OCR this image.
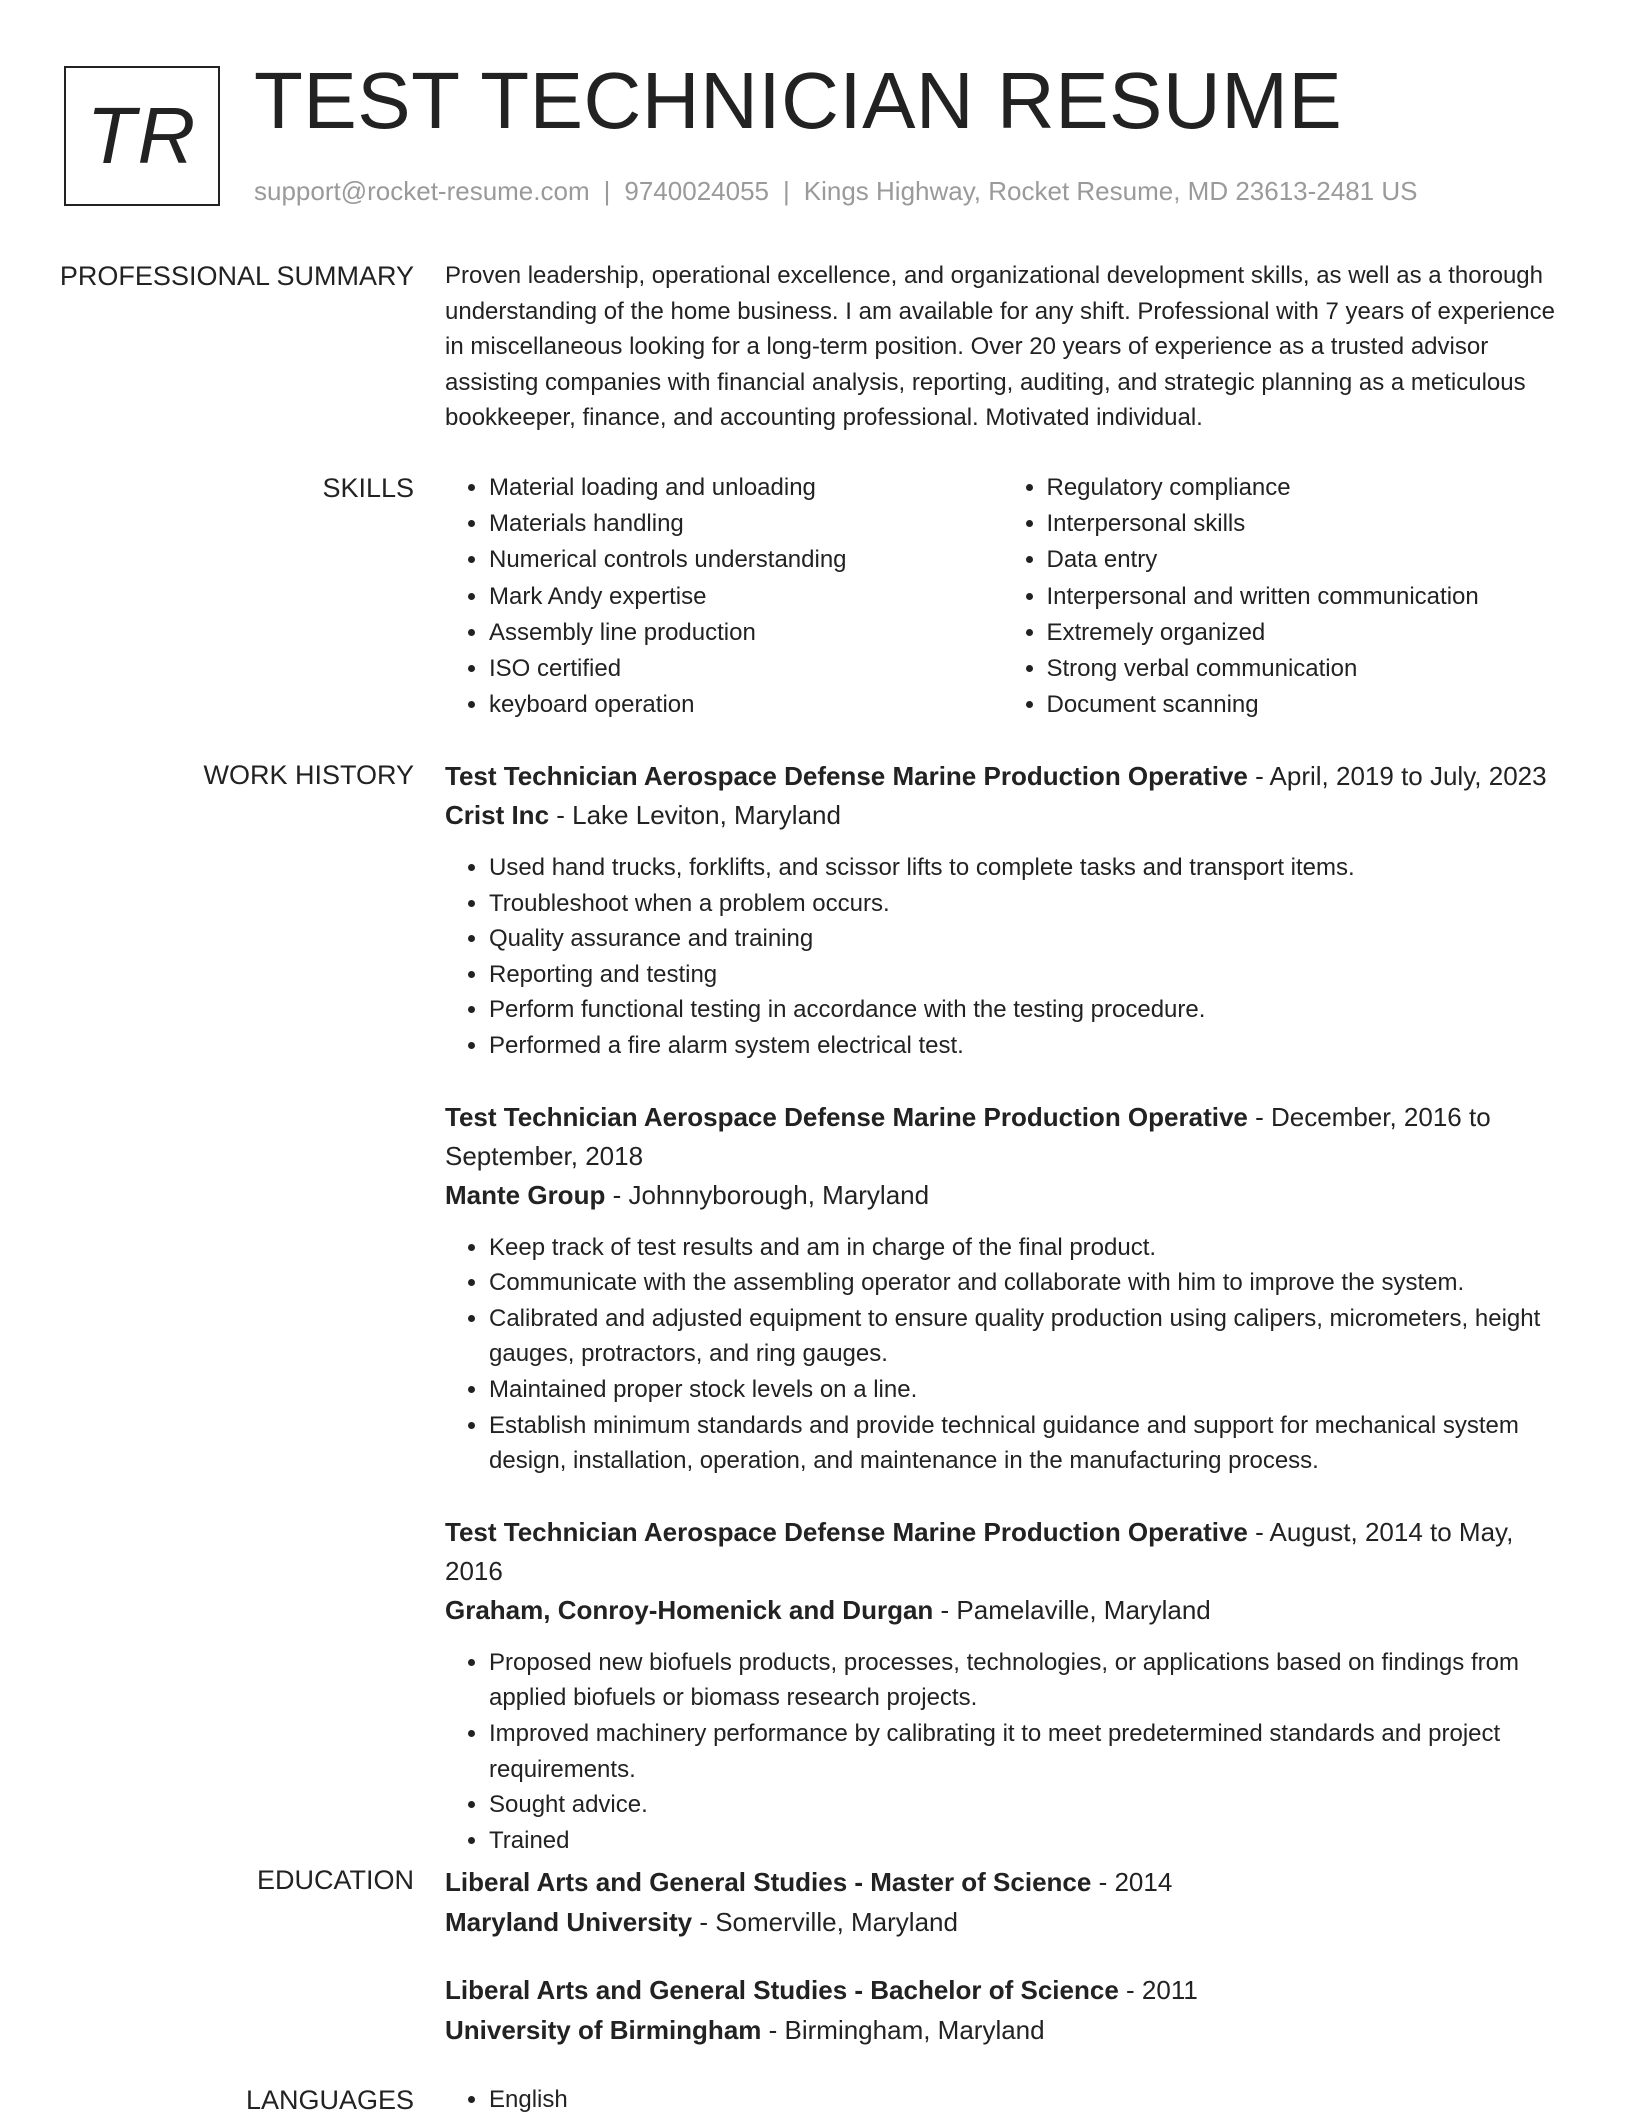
TR TEST TECHNICIAN RESUME
support@rocket-resume.com | 9740024055 | Kings Highway, Rocket Resume, MD 23613-2481 US
PROFESSIONAL SUMMARY Proven leadership, operational excellence, and organizational development skills, as well as a thorough understanding of the home business. I am available for any shift. Professional with 7 years of experience in miscellaneous looking for a long-term position. Over 20 years of experience as a trusted advisor assisting companies with financial analysis, reporting, auditing, and strategic planning as a meticulous bookkeeper, finance, and accounting professional. Motivated individual.

SKILLS	• Material loading and unloading
• Materials handling
• Numerical controls understanding
• Mark Andy expertise
• Assembly line production
• ISO certified
• keyboard operation
• Regulatory compliance
• Interpersonal skills
• Data entry
• Interpersonal and written communication
• Extremely organized
• Strong verbal communication
• Document scanning
WORK HISTORY Test Technician Aerospace Defense Marine Production Operative - April, 2019 to July, 2023
Crist Inc - Lake Leviton, Maryland
• Used hand trucks, forklifts, and scissor lifts to complete tasks and transport items.
• Troubleshoot when a problem occurs.
• Quality assurance and training
• Reporting and testing
• Perform functional testing in accordance with the testing procedure.
• Performed a fire alarm system electrical test.
Test Technician Aerospace Defense Marine Production Operative - December, 2016 to September, 2018
Mante Group - Johnnyborough, Maryland
• Keep track of test results and am in charge of the final product.
• Communicate with the assembling operator and collaborate with him to improve the system.
• Calibrated and adjusted equipment to ensure quality production using calipers, micrometers, height gauges, protractors, and ring gauges.
• Maintained proper stock levels on a line.
• Establish minimum standards and provide technical guidance and support for mechanical system design, installation, operation, and maintenance in the manufacturing process.
Test Technician Aerospace Defense Marine Production Operative - August, 2014 to May, 2016
Graham, Conroy-Homenick and Durgan - Pamelaville, Maryland
• Proposed new biofuels products, processes, technologies, or applications based on findings from applied biofuels or biomass research projects.
• Improved machinery performance by calibrating it to meet predetermined standards and project requirements.
• Sought advice.
• Trained
EDUCATION Liberal Arts and General Studies - Master of Science - 2014
Maryland University - Somerville, Maryland
Liberal Arts and General Studies - Bachelor of Science - 2011
University of Birmingham - Birmingham, Maryland
LANGUAGES	• English
